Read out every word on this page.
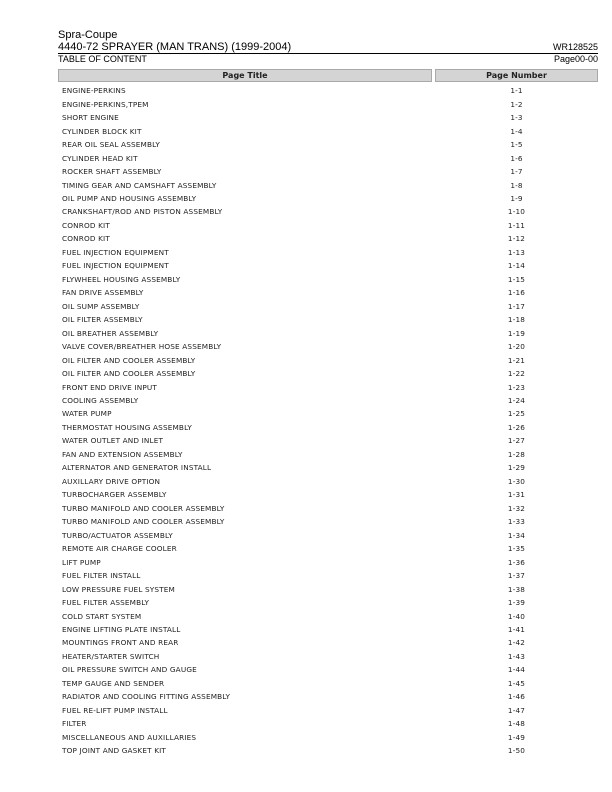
Spra-Coupe
4440-72 SPRAYER (MAN TRANS) (1999-2004)	WR128525
TABLE OF CONTENT	Page00-00
Page Title	Page Number
ENGINE-PERKINS	1-1
ENGINE-PERKINS,TPEM	1-2
SHORT ENGINE	1-3
CYLINDER BLOCK KIT	1-4
REAR OIL SEAL ASSEMBLY	1-5
CYLINDER HEAD KIT	1-6
ROCKER SHAFT ASSEMBLY	1-7
TIMING GEAR AND CAMSHAFT ASSEMBLY	1-8
OIL PUMP AND HOUSING ASSEMBLY	1-9
CRANKSHAFT/ROD AND PISTON ASSEMBLY	1-10
CONROD KIT	1-11
CONROD KIT	1-12
FUEL INJECTION EQUIPMENT	1-13
FUEL INJECTION EQUIPMENT	1-14
FLYWHEEL HOUSING ASSEMBLY	1-15
FAN DRIVE ASSEMBLY	1-16
OIL SUMP ASSEMBLY	1-17
OIL FILTER ASSEMBLY	1-18
OIL BREATHER ASSEMBLY	1-19
VALVE COVER/BREATHER HOSE ASSEMBLY	1-20
OIL FILTER AND COOLER ASSEMBLY	1-21
OIL FILTER AND COOLER ASSEMBLY	1-22
FRONT END DRIVE INPUT	1-23
COOLING ASSEMBLY	1-24
WATER PUMP	1-25
THERMOSTAT HOUSING ASSEMBLY	1-26
WATER OUTLET AND INLET	1-27
FAN AND EXTENSION ASSEMBLY	1-28
ALTERNATOR AND GENERATOR INSTALL	1-29
AUXILLARY DRIVE OPTION	1-30
TURBOCHARGER ASSEMBLY	1-31
TURBO MANIFOLD AND COOLER ASSEMBLY	1-32
TURBO MANIFOLD AND COOLER ASSEMBLY	1-33
TURBO/ACTUATOR ASSEMBLY	1-34
REMOTE AIR CHARGE COOLER	1-35
LIFT PUMP	1-36
FUEL FILTER INSTALL	1-37
LOW PRESSURE FUEL SYSTEM	1-38
FUEL FILTER ASSEMBLY	1-39
COLD START SYSTEM	1-40
ENGINE LIFTING PLATE INSTALL	1-41
MOUNTINGS FRONT AND REAR	1-42
HEATER/STARTER SWITCH	1-43
OIL PRESSURE SWITCH AND GAUGE	1-44
TEMP GAUGE AND SENDER	1-45
RADIATOR AND COOLING FITTING ASSEMBLY	1-46
FUEL RE-LIFT PUMP INSTALL	1-47
FILTER	1-48
MISCELLANEOUS AND AUXILLARIES	1-49
TOP JOINT AND GASKET KIT	1-50
